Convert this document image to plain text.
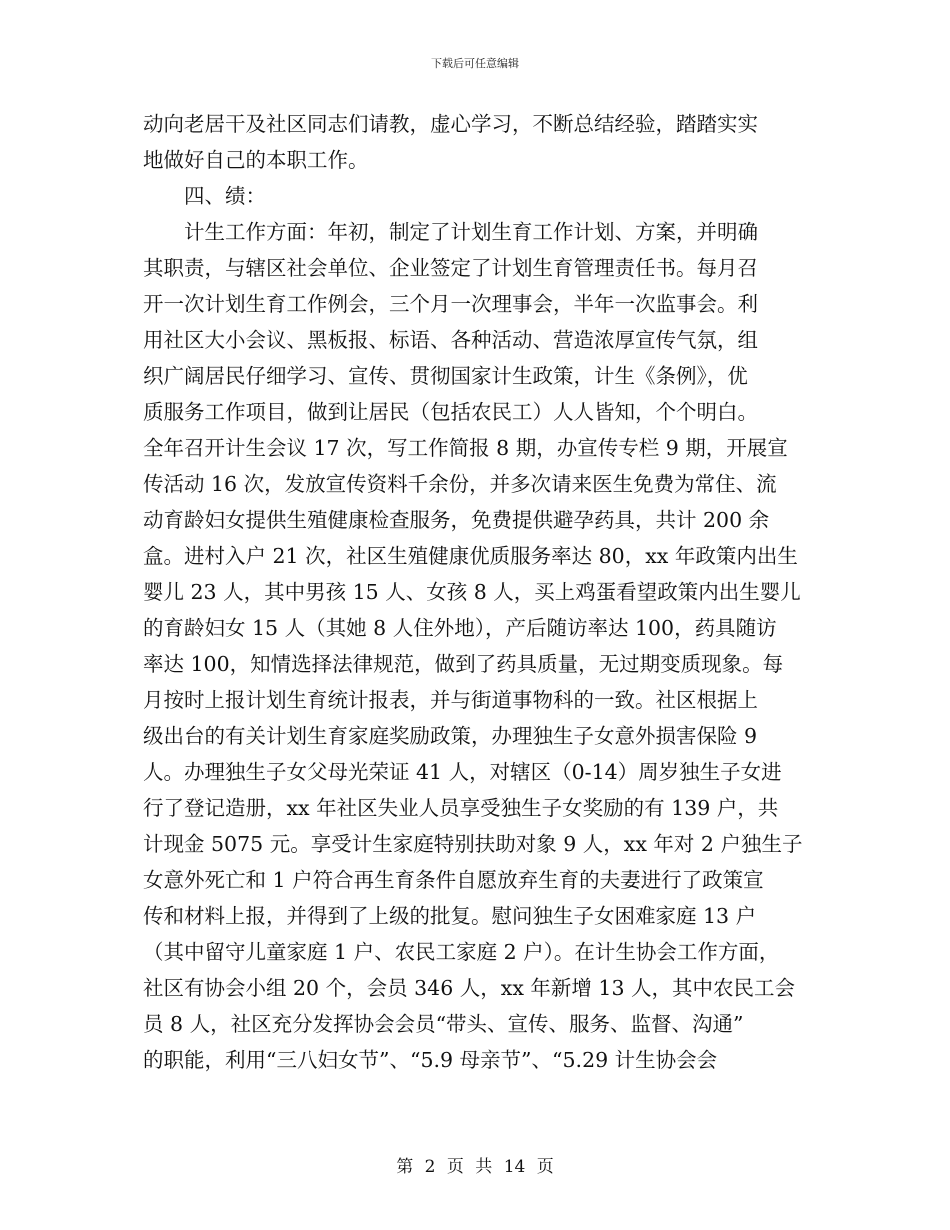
下载后可任意编辑
动向老居干及社区同志们请教，虚心学习，不断总结经验，踏踏实实
地做好自己的本职工作。
　　四、绩：
　　计生工作方面：年初，制定了计划生育工作计划、方案，并明确
其职责，与辖区社会单位、企业签定了计划生育管理责任书。每月召
开一次计划生育工作例会，三个月一次理事会，半年一次监事会。利
用社区大小会议、黑板报、标语、各种活动、营造浓厚宣传气氛，组
织广阔居民仔细学习、宣传、贯彻国家计生政策，计生《条例》，优
质服务工作项目，做到让居民（包括农民工）人人皆知，个个明白。
全年召开计生会议 17 次，写工作简报 8 期，办宣传专栏 9 期，开展宣
传活动 16 次，发放宣传资料千余份，并多次请来医生免费为常住、流
动育龄妇女提供生殖健康检查服务，免费提供避孕药具，共计 200 余
盒。进村入户 21 次，社区生殖健康优质服务率达 80，xx 年政策内出生
婴儿 23 人，其中男孩 15 人、女孩 8 人，买上鸡蛋看望政策内出生婴儿
的育龄妇女 15 人（其她 8 人住外地），产后随访率达 100，药具随访
率达 100，知情选择法律规范，做到了药具质量，无过期变质现象。每
月按时上报计划生育统计报表，并与街道事物科的一致。社区根据上
级出台的有关计划生育家庭奖励政策，办理独生子女意外损害保险 9
人。办理独生子女父母光荣证 41 人，对辖区（0-14）周岁独生子女进
行了登记造册，xx 年社区失业人员享受独生子女奖励的有 139 户，共
计现金 5075 元。享受计生家庭特别扶助对象 9 人，xx 年对 2 户独生子
女意外死亡和 1 户符合再生育条件自愿放弃生育的夫妻进行了政策宣
传和材料上报，并得到了上级的批复。慰问独生子女困难家庭 13 户
（其中留守儿童家庭 1 户、农民工家庭 2 户）。在计生协会工作方面，
社区有协会小组 20 个，会员 346 人，xx 年新增 13 人，其中农民工会
员 8 人，社区充分发挥协会会员“带头、宣传、服务、监督、沟通”
的职能，利用“三八妇女节”、“5.9 母亲节”、“5.29 计生协会会
第 2 页 共 14 页
